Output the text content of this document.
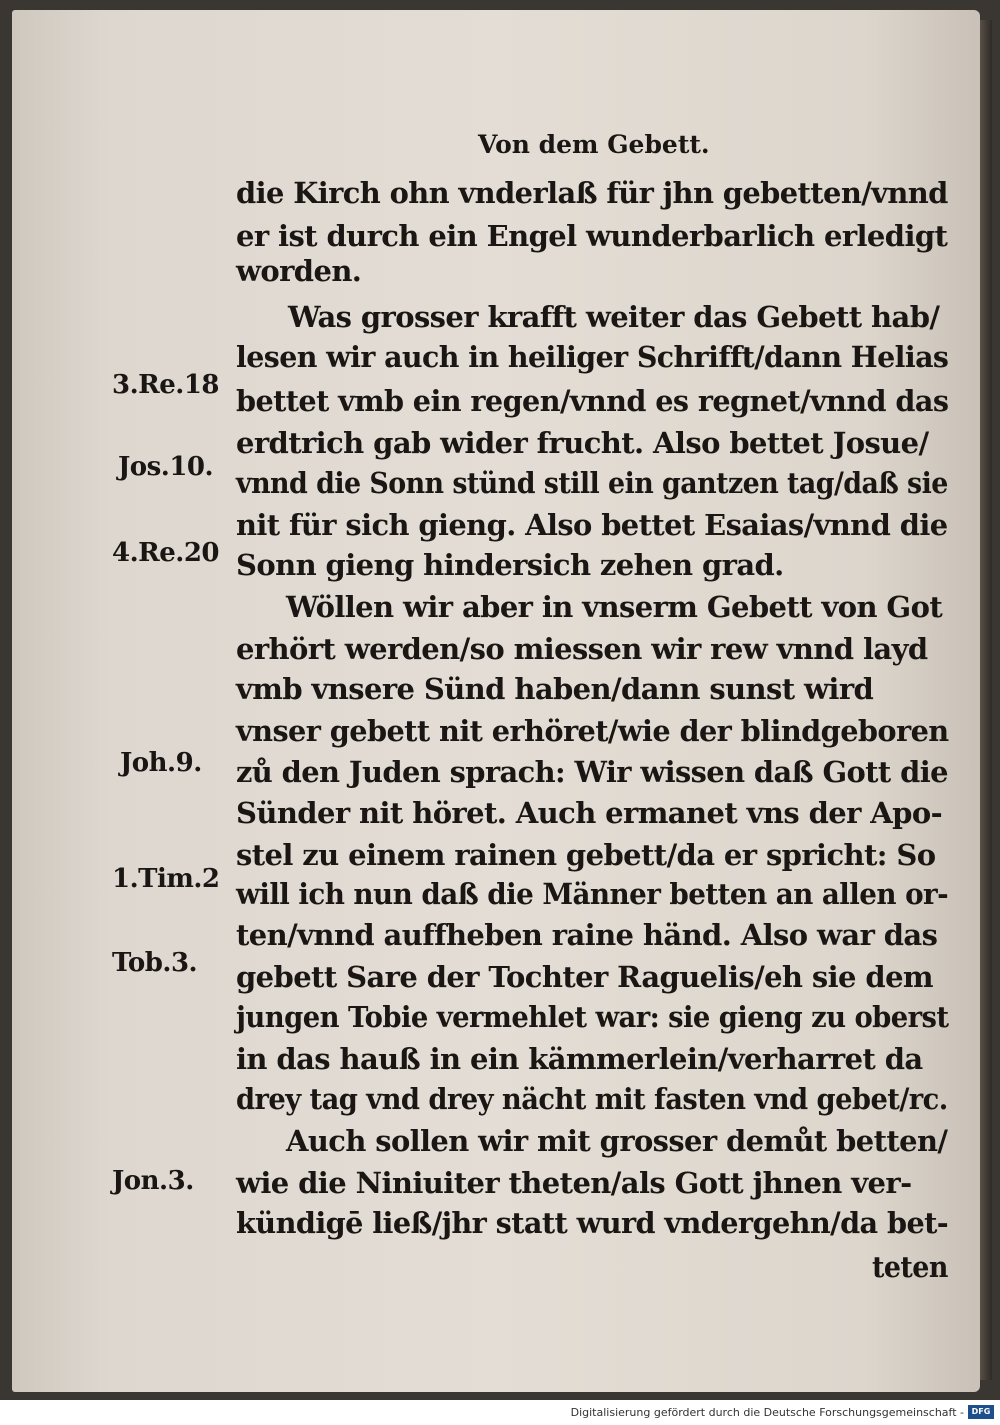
Von dem Gebett.
die Kirch ohn vnderlaß für jhn gebetten/vnnd
er ist durch ein Engel wunderbarlich erledigt
worden.
Was grosser krafft weiter das Gebett hab/
lesen wir auch in heiliger Schrifft/dann Helias
bettet vmb ein regen/vnnd es regnet/vnnd das
erdtrich gab wider frucht. Also bettet Josue/
vnnd die Sonn stünd still ein gantzen tag/daß sie
nit für sich gieng. Also bettet Esaias/vnnd die
Sonn gieng hindersich zehen grad.
Wöllen wir aber in vnserm Gebett von Got
erhört werden/so miessen wir rew vnnd layd
vmb vnsere Sünd haben/dann sunst wird
vnser gebett nit erhöret/wie der blindgeboren
zů den Juden sprach: Wir wissen daß Gott die
Sünder nit höret. Auch ermanet vns der Apo-
stel zu einem rainen gebett/da er spricht: So
will ich nun daß die Männer betten an allen or-
ten/vnnd auffheben raine händ. Also war das
gebett Sare der Tochter Raguelis/eh sie dem
jungen Tobie vermehlet war: sie gieng zu oberst
in das hauß in ein kämmerlein/verharret da
drey tag vnd drey nächt mit fasten vnd gebet/rc.
Auch sollen wir mit grosser demůt betten/
wie die Niniuiter theten/als Gott jhnen ver-
kündigē ließ/jhr statt wurd vndergehn/da bet-
teten
3.Re.18
Jos.10.
4.Re.20
Joh.9.
1.Tim.2
Tob.3.
Jon.3.
Digitalisierung gefördert durch die Deutsche Forschungsgemeinschaft - DFG
